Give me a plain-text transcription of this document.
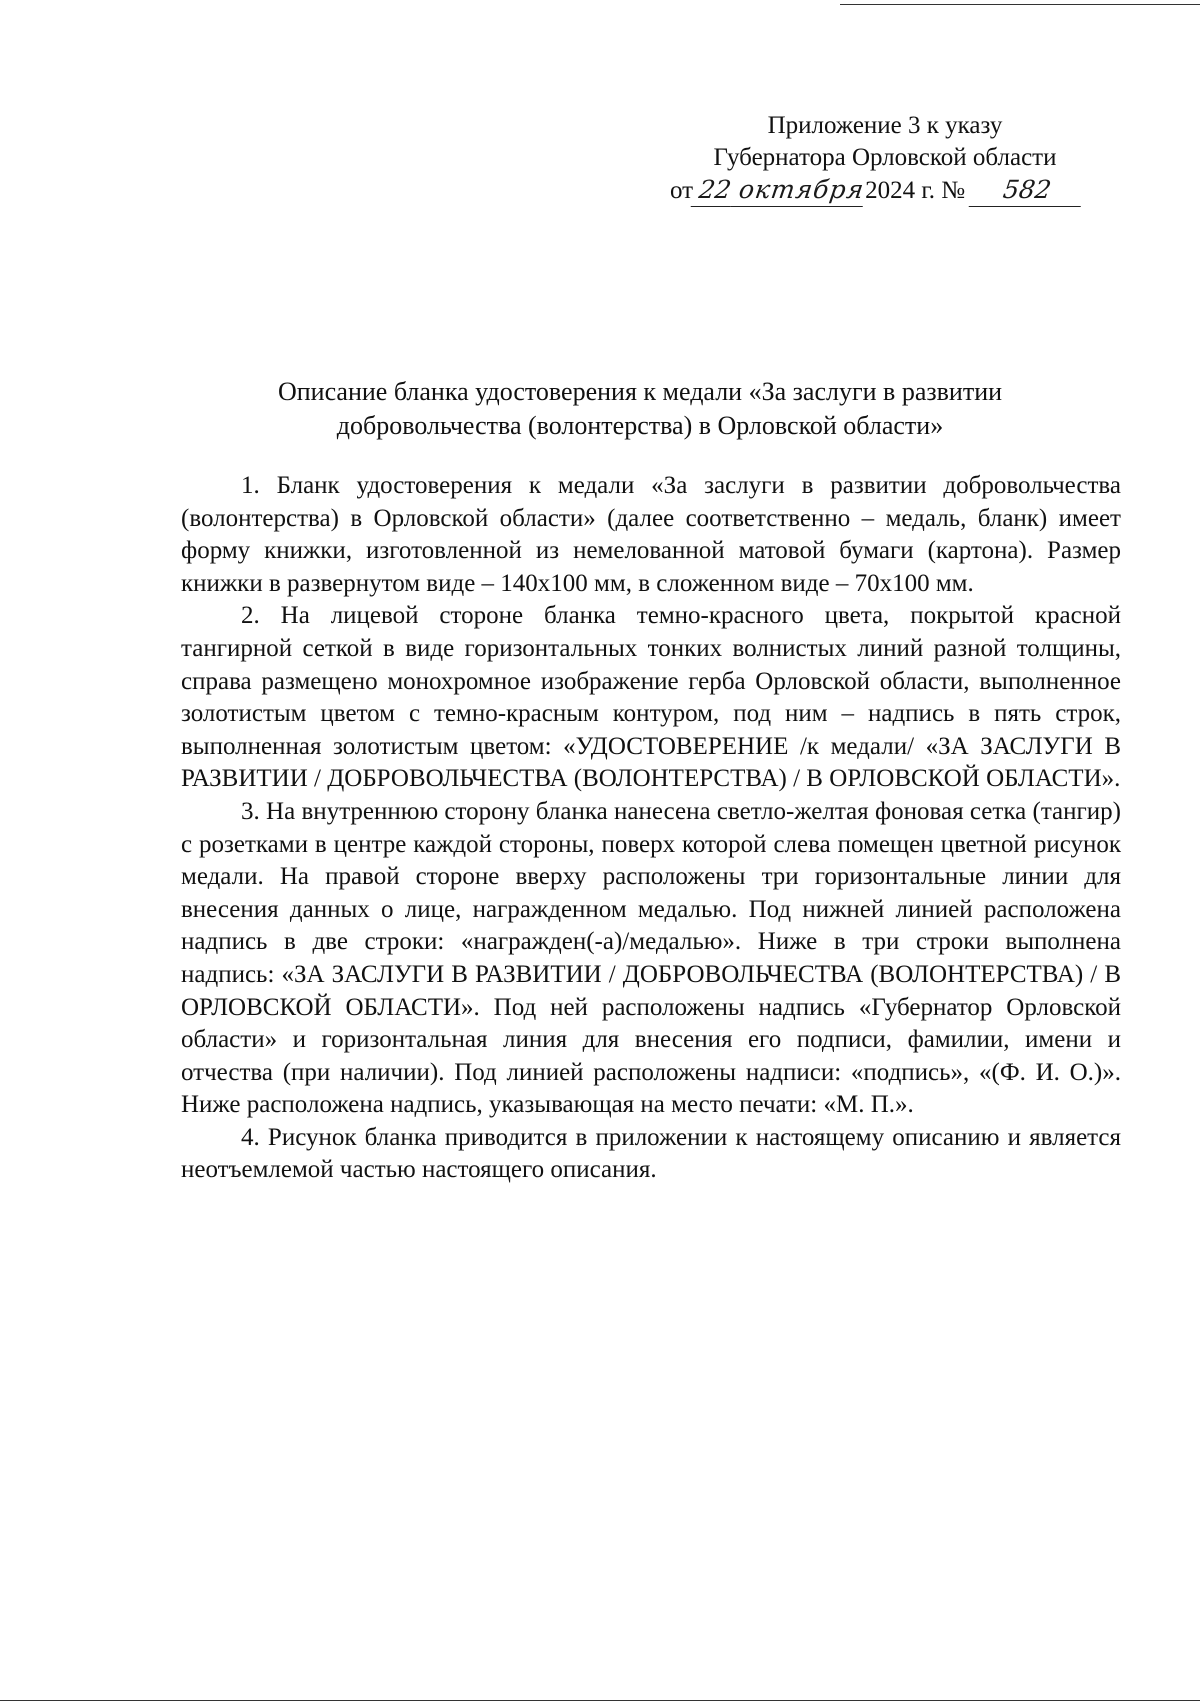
Приложение 3 к указу
Губернатора Орловской области
от 22 октября2024 г. № 582
Описание бланка удостоверения к медали «За заслуги в развитии
добровольчества (волонтерства) в Орловской области»

1. Бланк удостоверения к медали «За заслуги в развитии добровольчества (волонтерства) в Орловской области» (далее соответственно – медаль, бланк) имеет форму книжки, изготовленной из немелованной матовой бумаги (картона). Размер книжки в развернутом виде – 140x100 мм, в сложенном виде – 70x100 мм.

2. На лицевой стороне бланка темно-красного цвета, покрытой красной тангирной сеткой в виде горизонтальных тонких волнистых линий разной толщины, справа размещено монохромное изображение герба Орловской области, выполненное золотистым цветом с темно-красным контуром, под ним – надпись в пять строк, выполненная золотистым цветом: «УДОСТОВЕРЕНИЕ /к медали/ «ЗА ЗАСЛУГИ В РАЗВИТИИ / ДОБРОВОЛЬЧЕСТВА (ВОЛОНТЕРСТВА) / В ОРЛОВСКОЙ ОБЛАСТИ».

3. На внутреннюю сторону бланка нанесена светло-желтая фоновая сетка (тангир) с розетками в центре каждой стороны, поверх которой слева помещен цветной рисунок медали. На правой стороне вверху расположены три горизонтальные линии для внесения данных о лице, награжденном медалью. Под нижней линией расположена надпись в две строки: «награжден(-а)/медалью». Ниже в три строки выполнена надпись: «ЗА ЗАСЛУГИ В РАЗВИТИИ / ДОБРОВОЛЬЧЕСТВА (ВОЛОНТЕРСТВА) / В ОРЛОВСКОЙ ОБЛАСТИ». Под ней расположены надпись «Губернатор Орловской области» и горизонтальная линия для внесения его подписи, фамилии, имени и отчества (при наличии). Под линией расположены надписи: «подпись», «(Ф. И. О.)». Ниже расположена надпись, указывающая на место печати: «М. П.».

4. Рисунок бланка приводится в приложении к настоящему описанию и является неотъемлемой частью настоящего описания.
